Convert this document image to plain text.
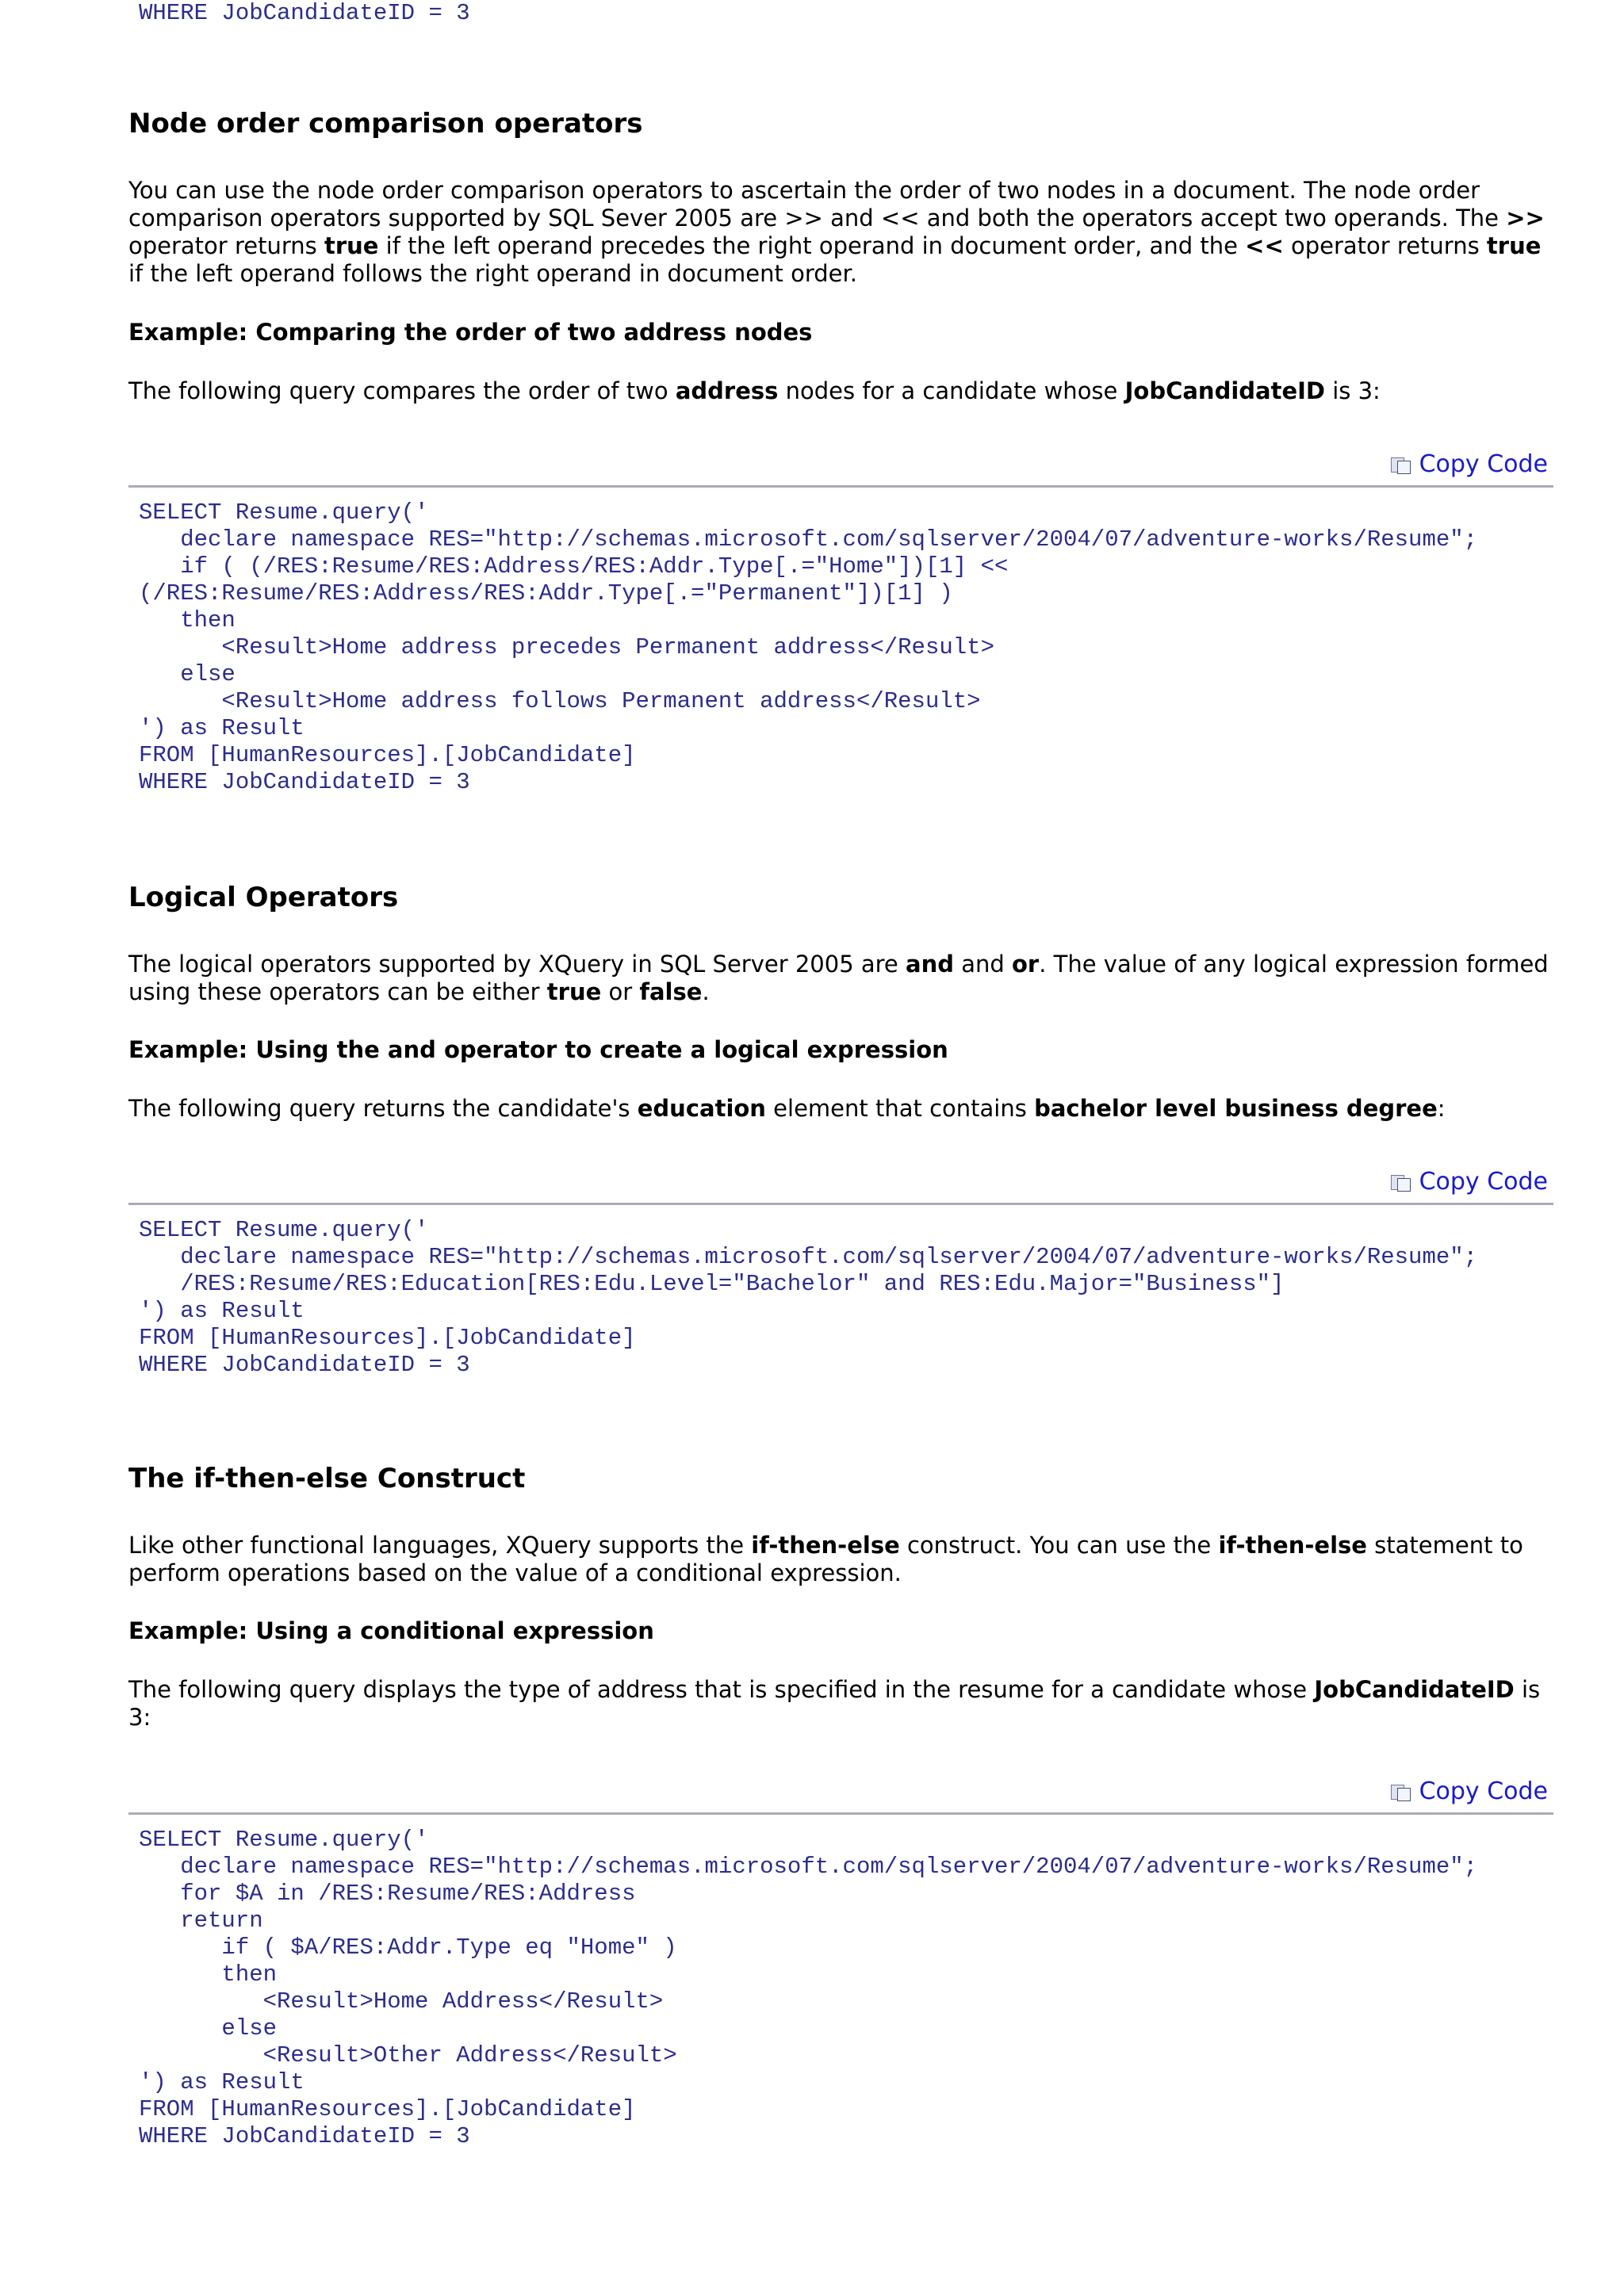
WHERE JobCandidateID = 3
Node order comparison operators

You can use the node order comparison operators to ascertain the order of two nodes in a document. The node order comparison operators supported by SQL Sever 2005 are >> and << and both the operators accept two operands. The >> operator returns true if the left operand precedes the right operand in document order, and the << operator returns true if the left operand follows the right operand in document order.

Example: Comparing the order of two address nodes

The following query compares the order of two address nodes for a candidate whose JobCandidateID is 3:

Copy Code
SELECT Resume.query('
declare namespace RES="http://schemas.microsoft.com/sqlserver/2004/07/adventure-works/Resume";
if ( (/RES:Resume/RES:Address/RES:Addr.Type[.="Home"])[1] <<
(/RES:Resume/RES:Address/RES:Addr.Type[.="Permanent"])[1] )
then
<Result>Home address precedes Permanent address</Result>
else
<Result>Home address follows Permanent address</Result>
') as Result
FROM [HumanResources].[JobCandidate]
WHERE JobCandidateID = 3
Logical Operators

The logical operators supported by XQuery in SQL Server 2005 are and and or. The value of any logical expression formed using these operators can be either true or false.

Example: Using the and operator to create a logical expression

The following query returns the candidate's education element that contains bachelor level business degree:

Copy Code
SELECT Resume.query('
declare namespace RES="http://schemas.microsoft.com/sqlserver/2004/07/adventure-works/Resume";
/RES:Resume/RES:Education[RES:Edu.Level="Bachelor" and RES:Edu.Major="Business"]
') as Result
FROM [HumanResources].[JobCandidate]
WHERE JobCandidateID = 3
The if-then-else Construct

Like other functional languages, XQuery supports the if-then-else construct. You can use the if-then-else statement to perform operations based on the value of a conditional expression.

Example: Using a conditional expression

The following query displays the type of address that is specified in the resume for a candidate whose JobCandidateID is 3:

Copy Code
SELECT Resume.query('
declare namespace RES="http://schemas.microsoft.com/sqlserver/2004/07/adventure-works/Resume";
for $A in /RES:Resume/RES:Address
return
if ( $A/RES:Addr.Type eq "Home" )
then
<Result>Home Address</Result>
else
<Result>Other Address</Result>
') as Result
FROM [HumanResources].[JobCandidate]
WHERE JobCandidateID = 3
